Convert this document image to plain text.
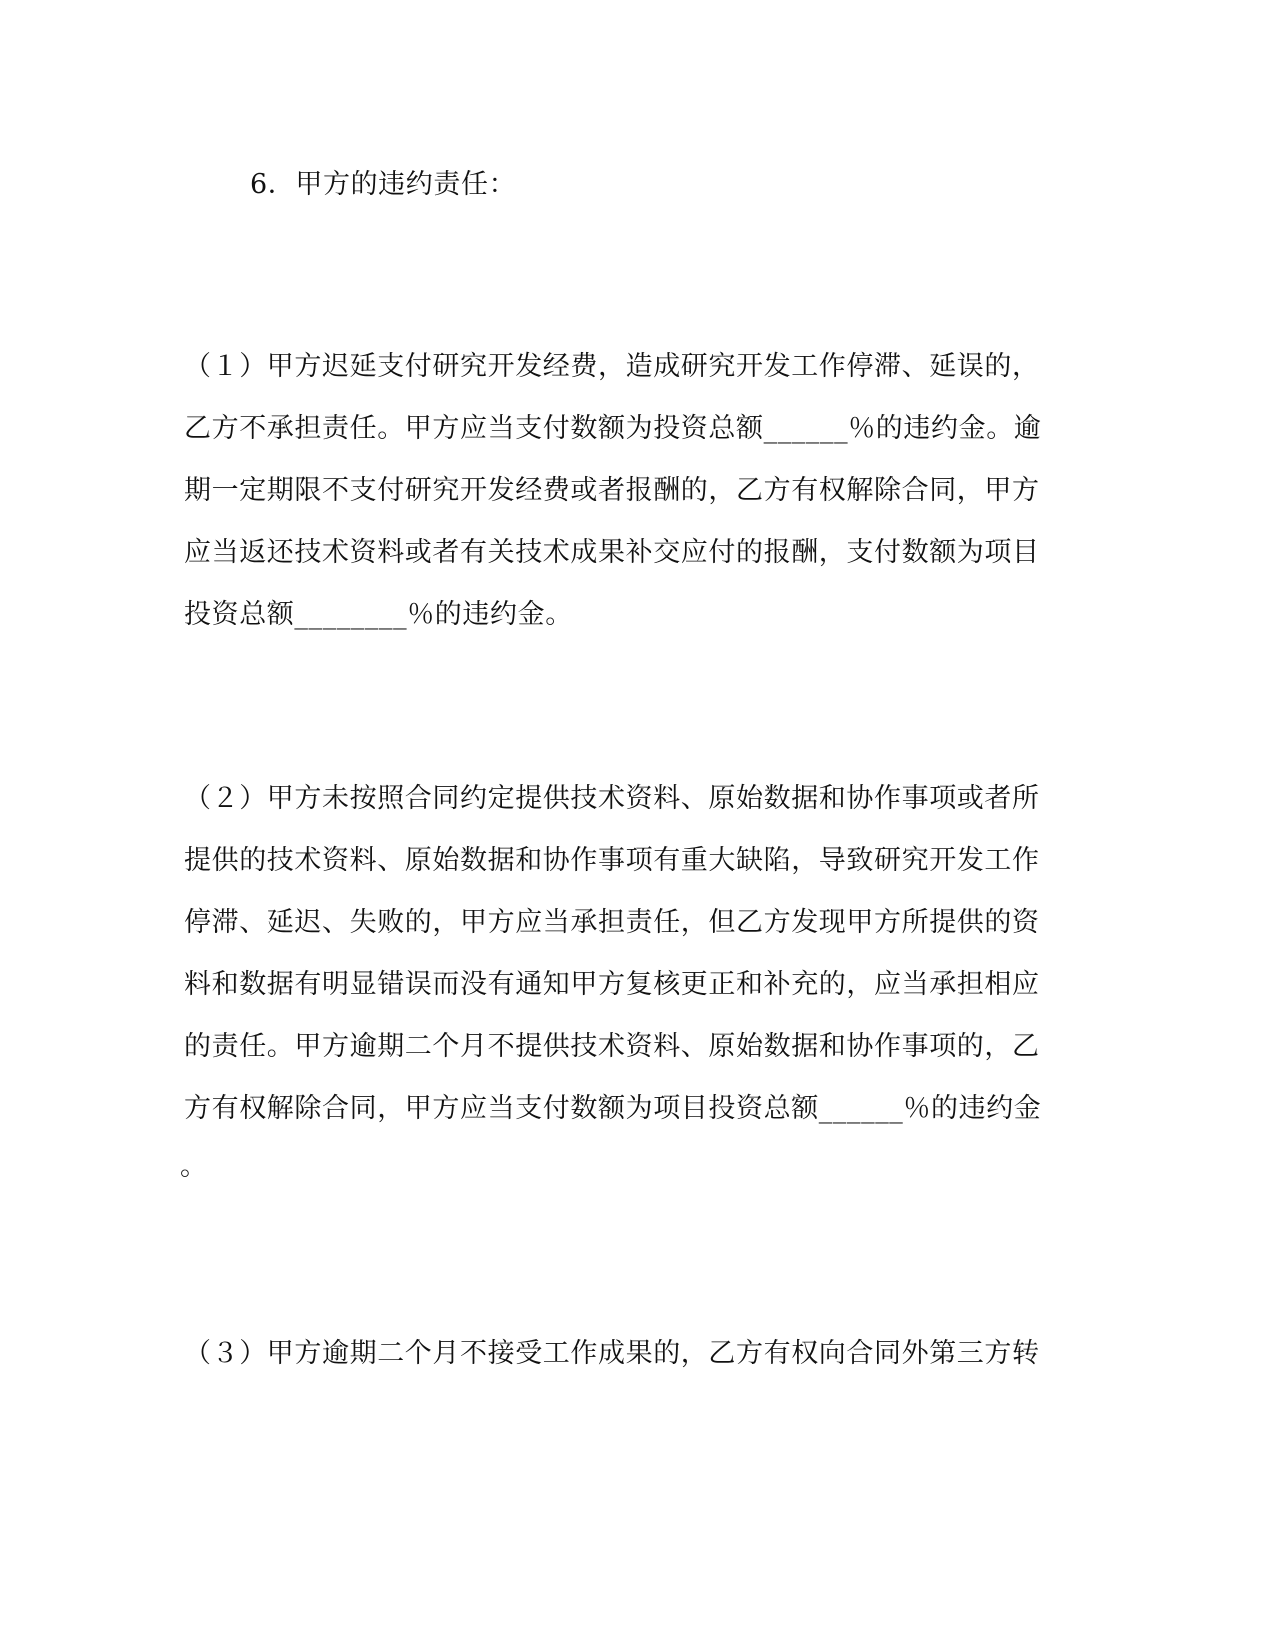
6．甲方的违约责任：
（１）甲方迟延支付研究开发经费，造成研究开发工作停滞、延误的，
乙方不承担责任。甲方应当支付数额为投资总额______％的违约金。逾
期一定期限不支付研究开发经费或者报酬的，乙方有权解除合同，甲方
应当返还技术资料或者有关技术成果补交应付的报酬，支付数额为项目
投资总额________％的违约金。
（２）甲方未按照合同约定提供技术资料、原始数据和协作事项或者所
提供的技术资料、原始数据和协作事项有重大缺陷，导致研究开发工作
停滞、延迟、失败的，甲方应当承担责任，但乙方发现甲方所提供的资
料和数据有明显错误而没有通知甲方复核更正和补充的，应当承担相应
的责任。甲方逾期二个月不提供技术资料、原始数据和协作事项的，乙
方有权解除合同，甲方应当支付数额为项目投资总额______％的违约金
。
（３）甲方逾期二个月不接受工作成果的，乙方有权向合同外第三方转
